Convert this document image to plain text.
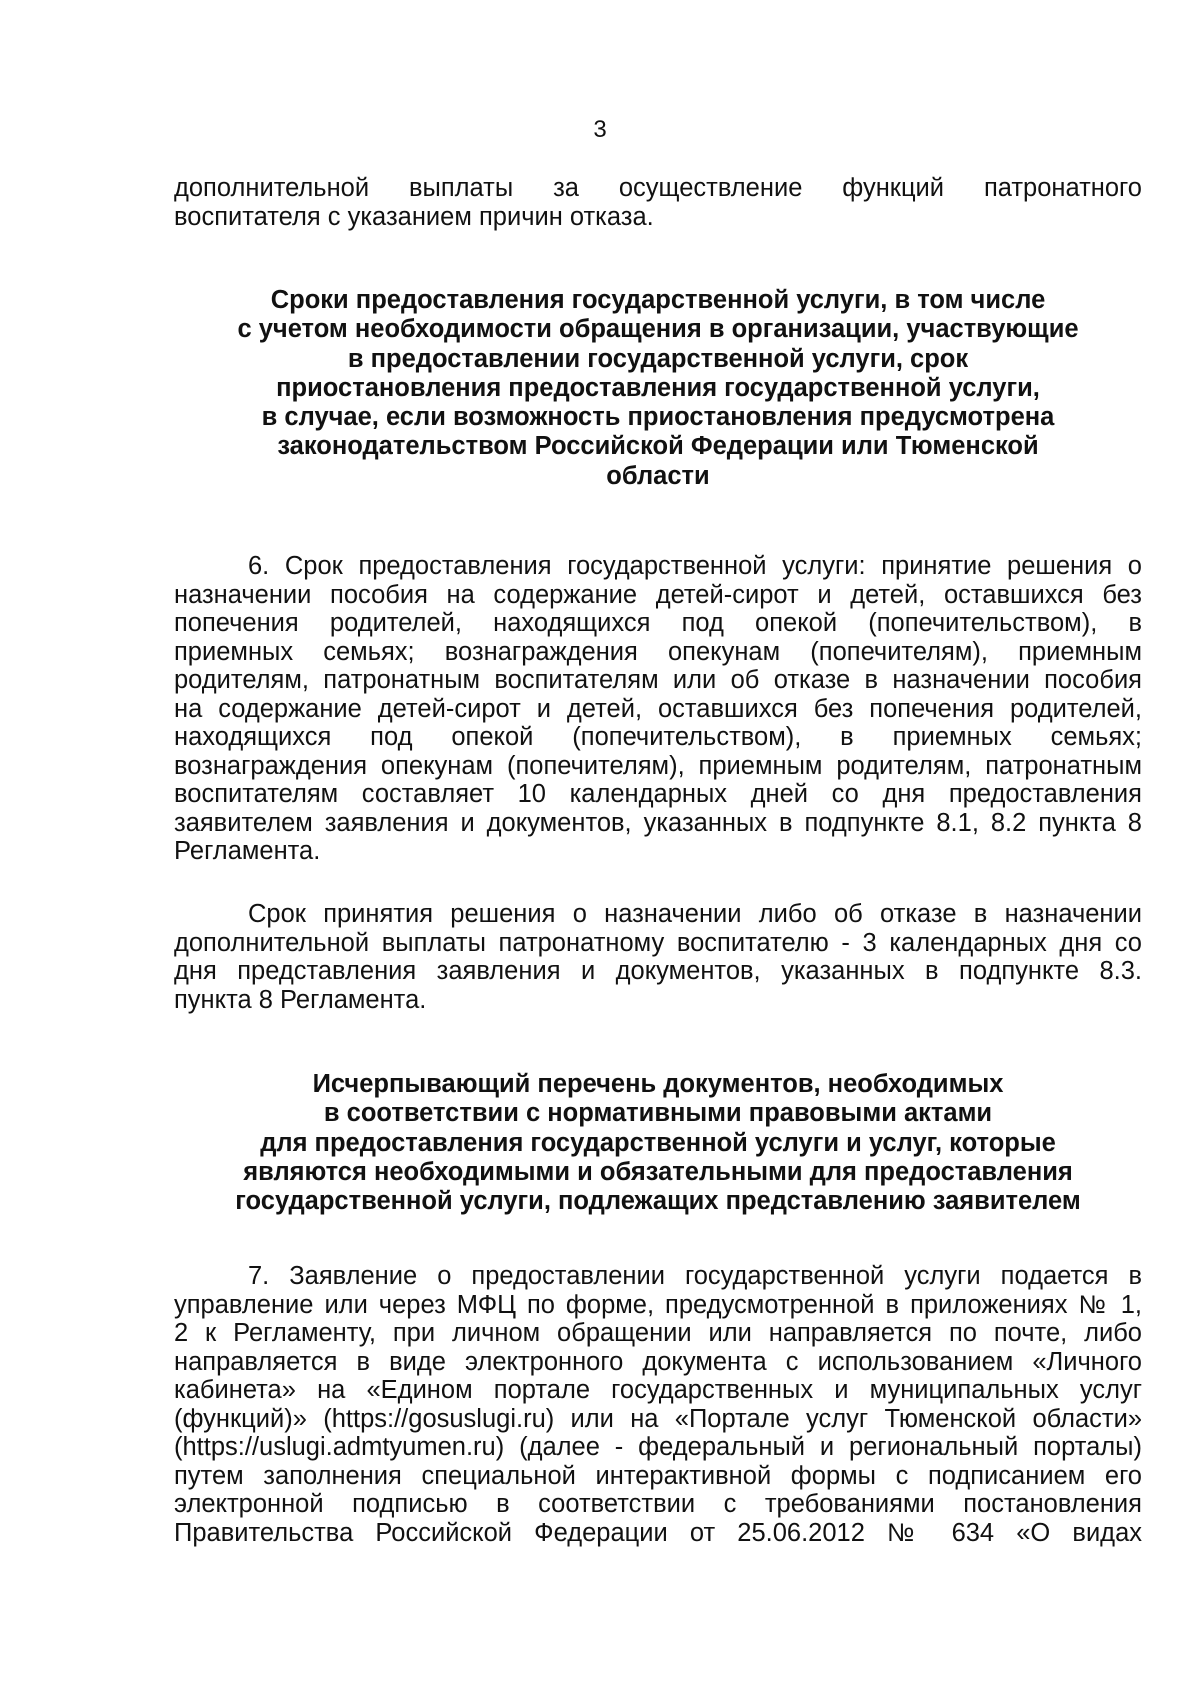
3
дополнительной выплаты за осуществление функций патронатного
воспитателя с указанием причин отказа.
Сроки предоставления государственной услуги, в том числе
с учетом необходимости обращения в организации, участвующие
в предоставлении государственной услуги, срок
приостановления предоставления государственной услуги,
в случае, если возможность приостановления предусмотрена
законодательством Российской Федерации или Тюменской
области
6. Срок предоставления государственной услуги: принятие решения о
назначении пособия на содержание детей-сирот и детей, оставшихся без
попечения родителей, находящихся под опекой (попечительством), в
приемных семьях; вознаграждения опекунам (попечителям), приемным
родителям, патронатным воспитателям или об отказе в назначении пособия
на содержание детей-сирот и детей, оставшихся без попечения родителей,
находящихся под опекой (попечительством), в приемных семьях;
вознаграждения опекунам (попечителям), приемным родителям, патронатным
воспитателям составляет 10 календарных дней со дня предоставления
заявителем заявления и документов, указанных в подпункте 8.1, 8.2 пункта 8
Регламента.
Срок принятия решения о назначении либо об отказе в назначении
дополнительной выплаты патронатному воспитателю - 3 календарных дня со
дня представления заявления и документов, указанных в подпункте 8.3.
пункта 8 Регламента.
Исчерпывающий перечень документов, необходимых
в соответствии с нормативными правовыми актами
для предоставления государственной услуги и услуг, которые
являются необходимыми и обязательными для предоставления
государственной услуги, подлежащих представлению заявителем
7. Заявление о предоставлении государственной услуги подается в
управление или через МФЦ по форме, предусмотренной в приложениях № 1,
2 к Регламенту, при личном обращении или направляется по почте, либо
направляется в виде электронного документа с использованием «Личного
кабинета» на «Едином портале государственных и муниципальных услуг
(функций)» (https://gosuslugi.ru) или на «Портале услуг Тюменской области»
(https://uslugi.admtyumen.ru) (далее - федеральный и региональный порталы)
путем заполнения специальной интерактивной формы с подписанием его
электронной подписью в соответствии с требованиями постановления
Правительства Российской Федерации от 25.06.2012 № 634 «О видах
